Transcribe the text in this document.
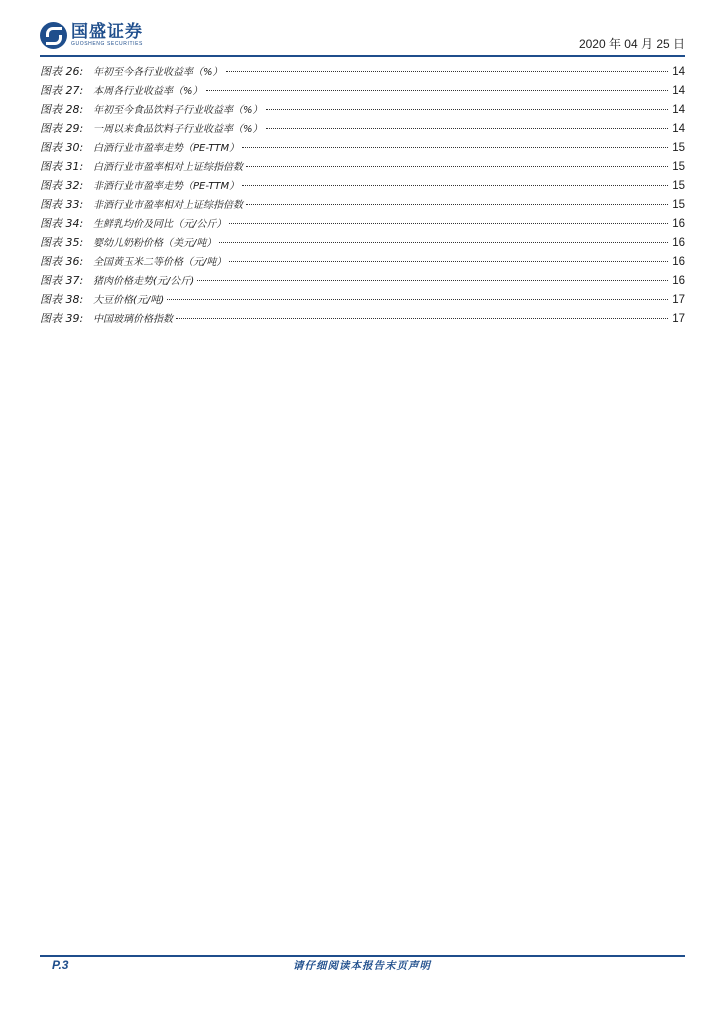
国盛证券
GUOSHENG SECURITIES	2020 年 04 月 25 日
图表 26: 年初至今各行业收益率（%）	14
图表 27: 本周各行业收益率（%）	14
图表 28: 年初至今食品饮料子行业收益率（%）	14
图表 29: 一周以来食品饮料子行业收益率（%）	14
图表 30: 白酒行业市盈率走势（PE-TTM）	15
图表 31: 白酒行业市盈率相对上证综指倍数	15
图表 32: 非酒行业市盈率走势（PE-TTM）	15
图表 33: 非酒行业市盈率相对上证综指倍数	15
图表 34: 生鲜乳均价及同比（元/公斤）	16
图表 35: 婴幼儿奶粉价格（美元/吨）	16
图表 36: 全国黄玉米二等价格（元/吨）	16
图表 37: 猪肉价格走势(元/公斤)	16
图表 38: 大豆价格(元/吨)	17
图表 39: 中国玻璃价格指数	17
P.3	请仔细阅读本报告末页声明
